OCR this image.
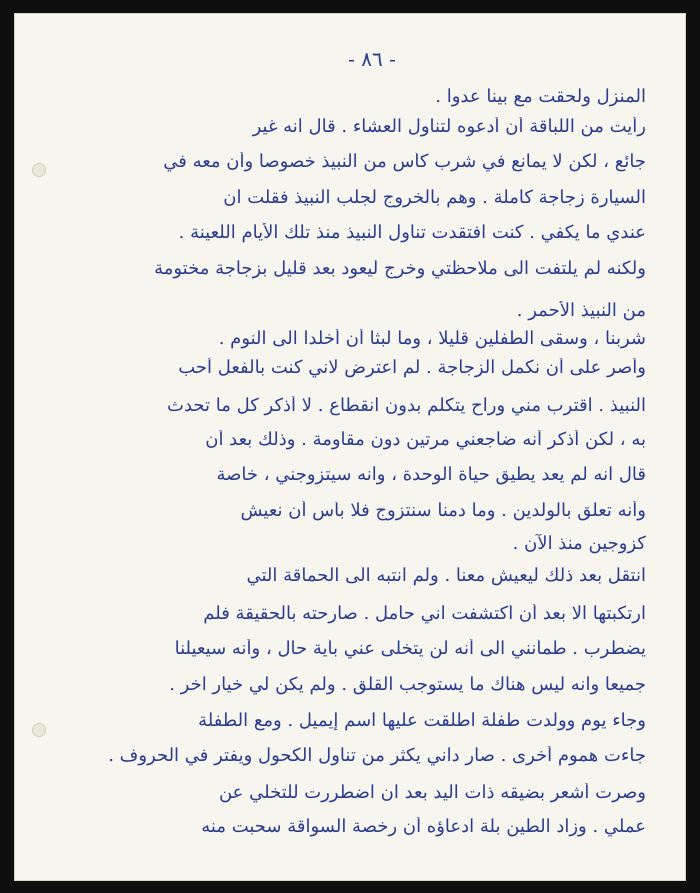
- ٨٦ -
المنزل ولحقت مع بينا عدوا .
رأيت من اللباقة أن أدعوه لتناول العشاء . قال انه غير
جائع ، لكن لا يمانع في شرب كأس من النبيذ خصوصا وأن معه في
السيارة زجاجة كاملة . وهم بالخروج لجلب النبيذ فقلت ان
عندي ما يكفي . كنت افتقدت تناول النبيذ منذ تلك الأيام اللعينة .
ولكنه لم يلتفت الى ملاحظتي وخرج ليعود بعد قليل بزجاجة مختومة
من النبيذ الأحمر .
شربنا ، وسقى الطفلين قليلا ، وما لبثا أن أخلدا الى النوم .
وأصر على أن نكمل الزجاجة . لم اعترض لاني كنت بالفعل أحب
النبيذ . اقترب مني وراح يتكلم بدون انقطاع . لا أذكر كل ما تحدث
به ، لكن أذكر أنه ضاجعني مرتين دون مقاومة . وذلك بعد أن
قال انه لم يعد يطيق حياة الوحدة ، وانه سيتزوجني ، خاصة
وأنه تعلق بالولدين . وما دمنا سنتزوج فلا بأس أن نعيش
كزوجين منذ الآن .
انتقل بعد ذلك ليعيش معنا . ولم انتبه الى الحماقة التي
ارتكبتها الا بعد أن اكتشفت اني حامل . صارحته بالحقيقة فلم
يضطرب . طمأنني الى أنه لن يتخلى عني بأية حال ، وأنه سيعيلنا
جميعا وانه ليس هناك ما يستوجب القلق . ولم يكن لي خيار آخر .
وجاء يوم وولدت طفلة اطلقت عليها اسم إيميل . ومع الطفلة
جاءت هموم أخرى . صار داني يكثر من تناول الكحول ويفتر في الحروف .
وصرت أشعر بضيقه ذات اليد بعد ان اضطررت للتخلي عن
عملي . وزاد الطين بلة ادعاؤه أن رخصة السواقة سحبت منه
